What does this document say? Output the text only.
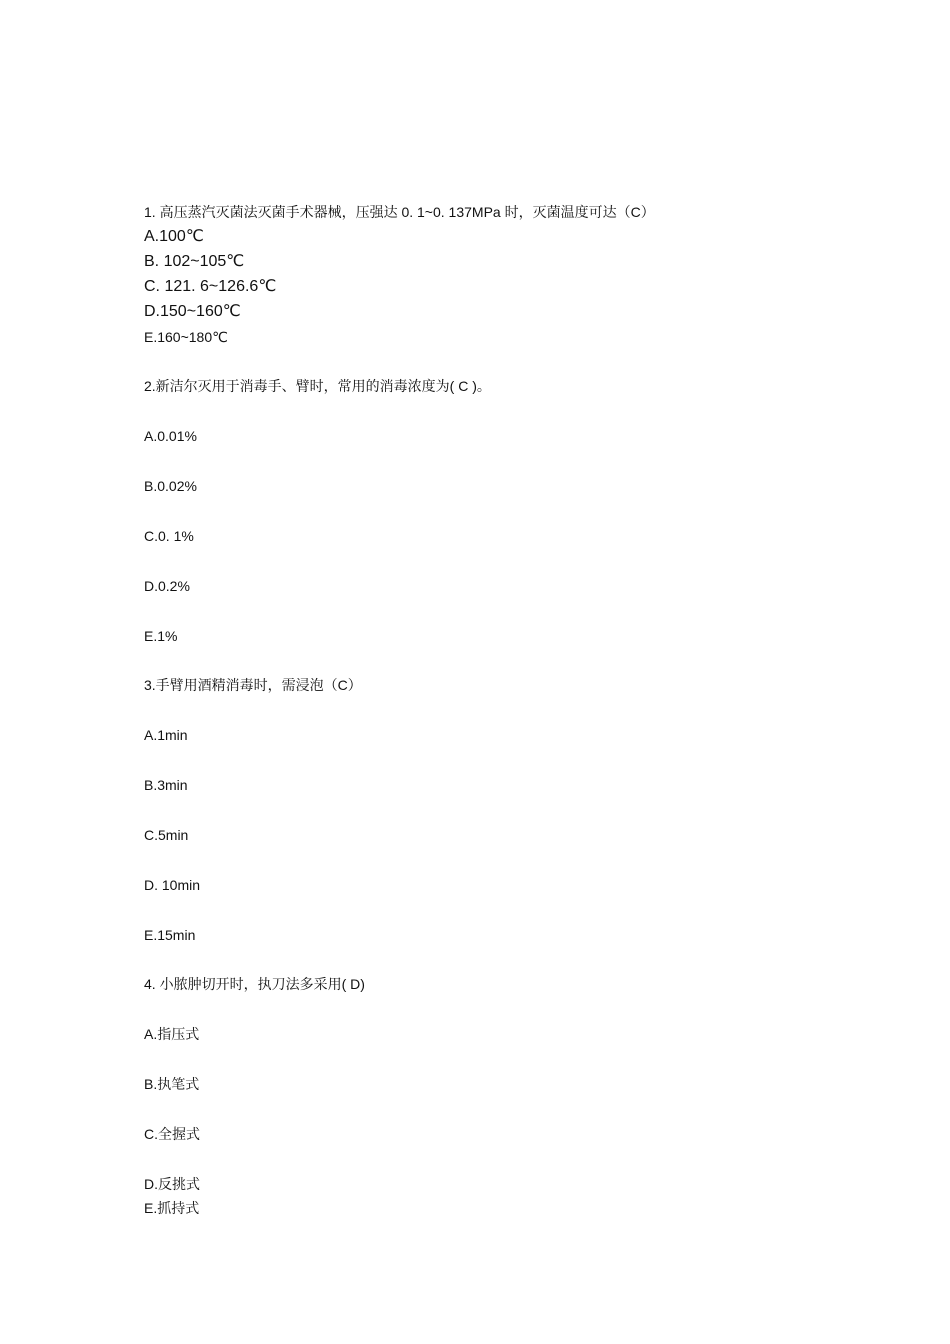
1. 高压蒸汽灭菌法灭菌手术器械，压强达 0. 1~0. 137MPa 时，灭菌温度可达（C）
A.100℃
B. 102~105℃
C. 121. 6~126.6℃
D.150~160℃
E.160~180℃
2.新洁尔灭用于消毒手、臂时，常用的消毒浓度为( C )。
A.0.01%
B.0.02%
C.0. 1%
D.0.2%
E.1%
3.手臂用酒精消毒时，需浸泡（C）
A.1min
B.3min
C.5min
D. 10min
E.15min
4. 小脓肿切开时，执刀法多采用( D)
A.指压式
B.执笔式
C.全握式
D.反挑式
E.抓持式
